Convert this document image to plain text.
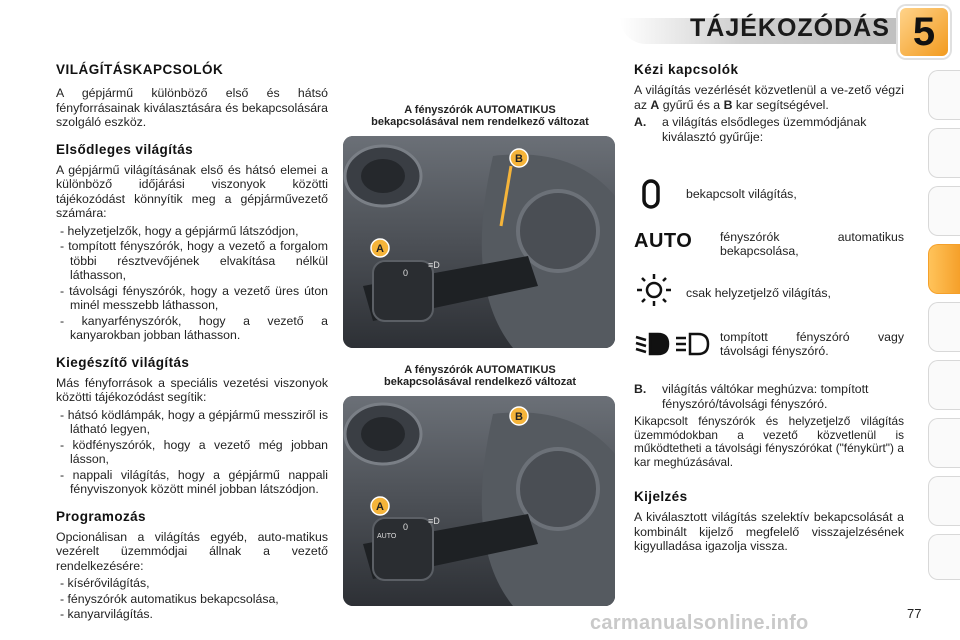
TÁJÉKOZÓDÁS 5
VILÁGÍTÁSKAPCSOLÓK

A gépjármű különböző első és hátsó fényforrásainak kiválasztására és bekapcsolására szolgáló eszköz.

Elsődleges világítás

A gépjármű világításának első és hátsó elemei a különböző időjárási viszonyok közötti tájékozódást könnyítik meg a gépjárművezető számára:

- helyzetjelzők, hogy a gépjármű látszódjon,
- tompított fényszórók, hogy a vezető a forgalom többi résztvevőjének elvakítása nélkül láthasson,
- távolsági fényszórók, hogy a vezető üres úton minél messzebb láthasson,
- kanyarfényszórók, hogy a vezető a kanyarokban jobban láthasson.
Kiegészítő világítás

Más fényforrások a speciális vezetési viszonyok közötti tájékozódást segítik:

- hátsó ködlámpák, hogy a gépjármű messziről is látható legyen,
- ködfényszórók, hogy a vezető még jobban lásson,
- nappali világítás, hogy a gépjármű nappali fényviszonyok között minél jobban látszódjon.
Programozás

Opcionálisan a világítás egyéb, auto-matikus vezérelt üzemmódjai állnak a vezető rendelkezésére:

- kísérővilágítás,
- fényszórók automatikus bekapcsolása,
- kanyarvilágítás.
A fényszórók AUTOMATIKUS
bekapcsolásával nem rendelkező változat
0
≡D
A
B
A fényszórók AUTOMATIKUS
bekapcsolásával rendelkező változat
0
AUTO
≡D
A
B
Kézi kapcsolók

A világítás vezérlését közvetlenül a ve-zető végzi az A gyűrű és a B kar segítségével.

A. a világítás elsődleges üzemmódjának kiválasztó gyűrűje:
bekapcsolt világítás,
AUTO fényszórók automatikus bekapcsolása,
csak helyzetjelző világítás,
tompított fényszóró vagy távolsági fényszóró.
B. világítás váltókar meghúzva: tompított fényszóró/távolsági fényszóró.

Kikapcsolt fényszórók és helyzetjelző világítás üzemmódokban a vezető közvetlenül is működtetheti a távolsági fényszórókat ("fénykürt") a kar meghúzásával.

Kijelzés

A kiválasztott világítás szelektív bekapcsolását a kombinált kijelző megfelelő visszajelzésének kigyulladása igazolja vissza.

77
carmanualsonline.info
